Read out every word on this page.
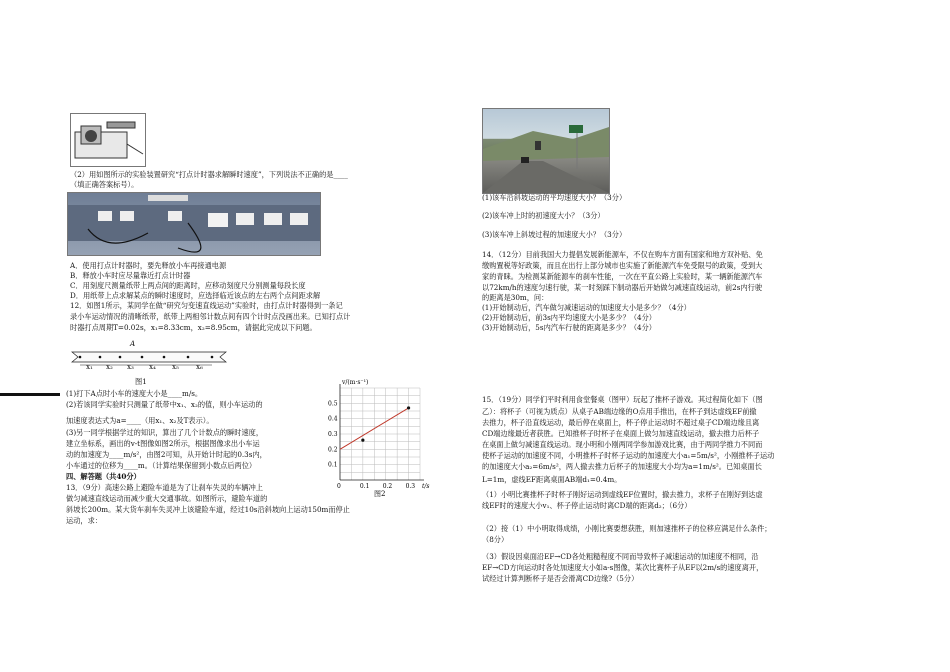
（2）用如图所示的实验装置研究“打点计时器求解瞬时速度”，下列说法不正确的是____
（填正确答案标号）。
A．使用打点计时器时，要先释放小车再接通电源
B．释放小车时应尽量靠近打点计时器
C．用刻度尺测量纸带上两点间的距离时，应移动刻度尺分别测量每段长度
D．用纸带上点求解某点的瞬时速度时，应选择临近该点的左右两个点间距求解
12．如图1所示，某同学在做“研究匀变速直线运动”实验时，由打点计时器得到一条记
录小车运动情况的清晰纸带，纸带上两相邻计数点间有四个计时点没画出来。已知打点计
时器打点周期T=0.02s，x₁=8.33cm，x₂=8.95cm，请据此完成以下问题。
A
x₁ x₂ x₃ x₄ x₅ x₆
图1
(1)打下A点时小车的速度大小是____m/s。
(2)若该同学实验时只测量了纸带中x₁、x₂的值，则小车运动的
加速度表达式为a=____（用x₁、x₂及T表示）。
(3)另一同学根据学过的知识，算出了几个计数点的瞬时速度，
建立坐标系，画出的v-t图像如图2所示，根据图像求出小车运
动的加速度为____m/s²，由图2可知，从开始计时起的0.3s内，
小车通过的位移为____m。（计算结果保留到小数点后两位）
四、解答题（共40分）
13．（9分）高速公路上避险车道是为了让刹车失灵的车辆冲上
做匀减速直线运动而减少重大交通事故。如图所示，避险车道的
斜坡长200m。某大货车刹车失灵冲上该避险车道，经过10s沿斜坡向上运动150m而停止
运动，求：
0	0.1 0.2 0.3
0.1
0.2
0.3
0.4
0.5
v/(m·s⁻¹)
t/s
图2
(1)该车沿斜坡运动的平均速度大小？（3分）
(2)该车冲上时的初速度大小？（3分）
(3)该车冲上斜坡过程的加速度大小？（3分）
14．（12分）目前我国大力提倡发展新能源车，不仅在购车方面有国家和地方双补贴、免
缴购置税等好政策，而且在出行上部分城市也实施了新能源汽车免受限号的政策，受到大
家的青睐。为检测某新能源车的刹车性能，一次在平直公路上实验时，某一辆新能源汽车
以72km/h的速度匀速行驶，某一时刻踩下制动器后开始做匀减速直线运动，前2s内行驶
的距离是30m，问：
(1)开始制动后，汽车做匀减速运动的加速度大小是多少？（4分）
(2)开始制动后，前3s内平均速度大小是多少？（4分）
(3)开始制动后，5s内汽车行驶的距离是多少？（4分）
15．（19分）同学们平时利用食堂餐桌（图甲）玩起了推杯子游戏。其过程简化如下（图
乙）：将杯子（可视为质点）从桌子AB端边缘的O点用手推出，在杯子到达虚线EF前撤
去推力，杯子沿直线运动，最后停在桌面上，杯子停止运动时不超过桌子CD端边缘且离
CD端边缘最近者获胜。已知推杯子时杯子在桌面上做匀加速直线运动，撤去推力后杯子
在桌面上做匀减速直线运动。现小明和小刚两同学参加游戏比赛，由于两同学推力不同而
使杯子运动的加速度不同，小明推杯子时杯子运动的加速度大小a₁=5m/s²，小刚推杯子运动
的加速度大小a₂=6m/s²，两人撤去推力后杯子的加速度大小均为a=1m/s²。已知桌面长
L=1m，虚线EF距离桌面AB端d₁=0.4m。
（1）小明比赛推杯子时杯子刚好运动到虚线EF位置时，撤去推力，求杯子在刚好到达虚
线EF时的速度大小v₁、杯子停止运动时离CD端的距离d₂；（6分）
（2）接（1）中小明取得成绩，小刚比赛要想获胜，则加速推杯子的位移应满足什么条件；
（8分）
（3）假设因桌面沿EF→CD各处粗糙程度不同而导致杯子减速运动的加速度不相同，沿
EF→CD方向运动时各处加速度大小如a-s图像，某次比赛杯子从EF以2m/s的速度离开，
试经过计算判断杯子是否会滑离CD边缘?（5分）
